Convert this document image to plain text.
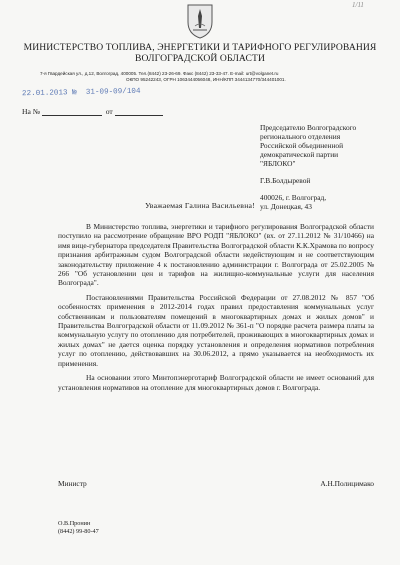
1/11
МИНИСТЕРСТВО ТОПЛИВА, ЭНЕРГЕТИКИ И ТАРИФНОГО РЕГУЛИРОВАНИЯ
ВОЛГОГРАДСКОЙ ОБЛАСТИ
7-я Гвардейская ул., д.12, Волгоград, 400005. Тел.(8442) 23-26-69. Факс (8442) 23-33-47. E-mail: urt@volganet.ru
ОКПО 95242243, ОГРН 1063444056048, ИНН/КПП 3444134770/344401001.
22.01.2013 №  31-09-09/104
На №	от

Председателю Волгоградского

регионального отделения

Российской объединенной

демократической партии

"ЯБЛОКО"

Г.В.Болдыревой

400026, г. Волгоград,

ул. Донецкая, 43

Уважаемая Галина Васильевна!

В Министерство топлива, энергетики и тарифного регулирования Волгоградской области поступило на рассмотрение обращение ВРО РОДП "ЯБЛОКО" (вх. от 27.11.2012 № 31/10466) на имя вице-губернатора председателя Правительства Волгоградской области К.К.Храмова по вопросу признания арбитражным судом Волгоградской области недействующим и не соответствующим законодательству приложение 4 к постановлению администрации г. Волгограда от 25.02.2005 № 266 "Об установлении цен и тарифов на жилищно-коммунальные услуги для населения Волгограда".

Постановлениями Правительства Российской Федерации от 27.08.2012 № 857 "Об особенностях применения в 2012-2014 годах правил предоставления коммунальных услуг собственникам и пользователям помещений в многоквартирных домах и жилых домов" и Правительства Волгоградской области от 11.09.2012 № 361-п "О порядке расчета размера платы за коммунальную услугу по отоплению для потребителей, проживающих в многоквартирных домах и жилых домах" не дается оценка порядку установления и определения нормативов потребления услуг по отоплению, действовавших на 30.06.2012, а прямо указывается на необходимость их применения.

На основании этого Минтопэнерготариф Волгоградской области не имеет оснований для установления нормативов на отопление для многоквартирных домов г. Волгограда.

Министр	А.Н.Полицимако
О.В.Пронин
(8442) 99-80-47
